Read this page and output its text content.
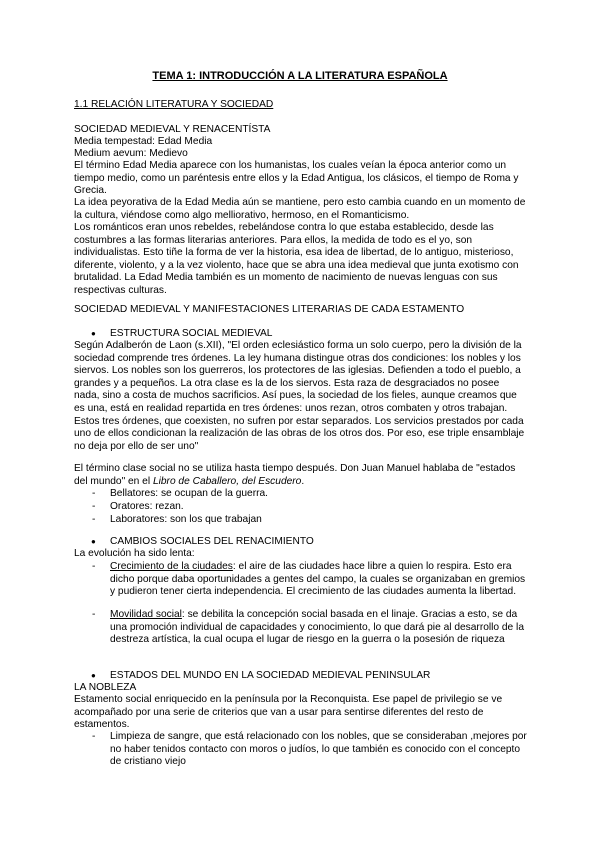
TEMA 1: INTRODUCCIÓN A LA LITERATURA ESPAÑOLA
1.1 RELACIÓN LITERATURA Y SOCIEDAD
SOCIEDAD MEDIEVAL Y RENACENTÍSTA
Media tempestad: Edad Media
Medium aevum: Medievo
El término Edad Media aparece con los humanistas, los cuales veían la época anterior como un tiempo medio, como un paréntesis entre ellos y la Edad Antigua, los clásicos, el tiempo de Roma y Grecia.
La idea peyorativa de la Edad Media aún se mantiene, pero esto cambia cuando en un momento de la cultura, viéndose como algo melliorativo, hermoso, en el Romanticismo.
Los románticos eran unos rebeldes, rebelándose contra lo que estaba establecido, desde las costumbres a las formas literarias anteriores. Para ellos, la medida de todo es el yo, son individualistas. Esto tiñe la forma de ver la historia, esa idea de libertad, de lo antiguo, misterioso, diferente, violento, y a la vez violento, hace que se abra una idea medieval que junta exotismo con brutalidad. La Edad Media también es un momento de nacimiento de nuevas lenguas con sus respectivas culturas.
SOCIEDAD MEDIEVAL Y MANIFESTACIONES LITERARIAS DE CADA ESTAMENTO
● ESTRUCTURA SOCIAL MEDIEVAL
Según Adalberón de Laon (s.XII), "El orden eclesiástico forma un solo cuerpo, pero la división de la sociedad comprende tres órdenes. La ley humana distingue otras dos condiciones: los nobles y los siervos. Los nobles son los guerreros, los protectores de las iglesias. Defienden a todo el pueblo, a grandes y a pequeños. La otra clase es la de los siervos. Esta raza de desgraciados no posee nada, sino a costa de muchos sacrificios. Así pues, la sociedad de los fieles, aunque creamos que es una, está en realidad repartida en tres órdenes: unos rezan, otros combaten y otros trabajan. Estos tres órdenes, que coexisten, no sufren por estar separados. Los servicios prestados por cada uno de ellos condicionan la realización de las obras de los otros dos. Por eso, ese triple ensamblaje no deja por ello de ser uno"
El término clase social no se utiliza hasta tiempo después. Don Juan Manuel hablaba de "estados del mundo" en el Libro de Caballero, del Escudero.
- Bellatores: se ocupan de la guerra.
- Oratores: rezan.
- Laboratores: son los que trabajan
● CAMBIOS SOCIALES DEL RENACIMIENTO
La evolución ha sido lenta:
- Crecimiento de la ciudades: el aire de las ciudades hace libre a quien lo respira. Esto era dicho porque daba oportunidades a gentes del campo, la cuales se organizaban en gremios y pudieron tener cierta independencia. El crecimiento de las ciudades aumenta la libertad.
- Movilidad social: se debilita la concepción social basada en el linaje. Gracias a esto, se da una promoción individual de capacidades y conocimiento, lo que dará pie al desarrollo de la destreza artística, la cual ocupa el lugar de riesgo en la guerra o la posesión de riqueza
● ESTADOS DEL MUNDO EN LA SOCIEDAD MEDIEVAL PENINSULAR
LA NOBLEZA
Estamento social enriquecido en la península por la Reconquista. Ese papel de privilegio se ve acompañado por una serie de criterios que van a usar para sentirse diferentes del resto de estamentos.
- Limpieza de sangre, que está relacionado con los nobles, que se consideraban ,mejores por no haber tenidos contacto con moros o judíos, lo que también es conocido con el concepto de cristiano viejo
